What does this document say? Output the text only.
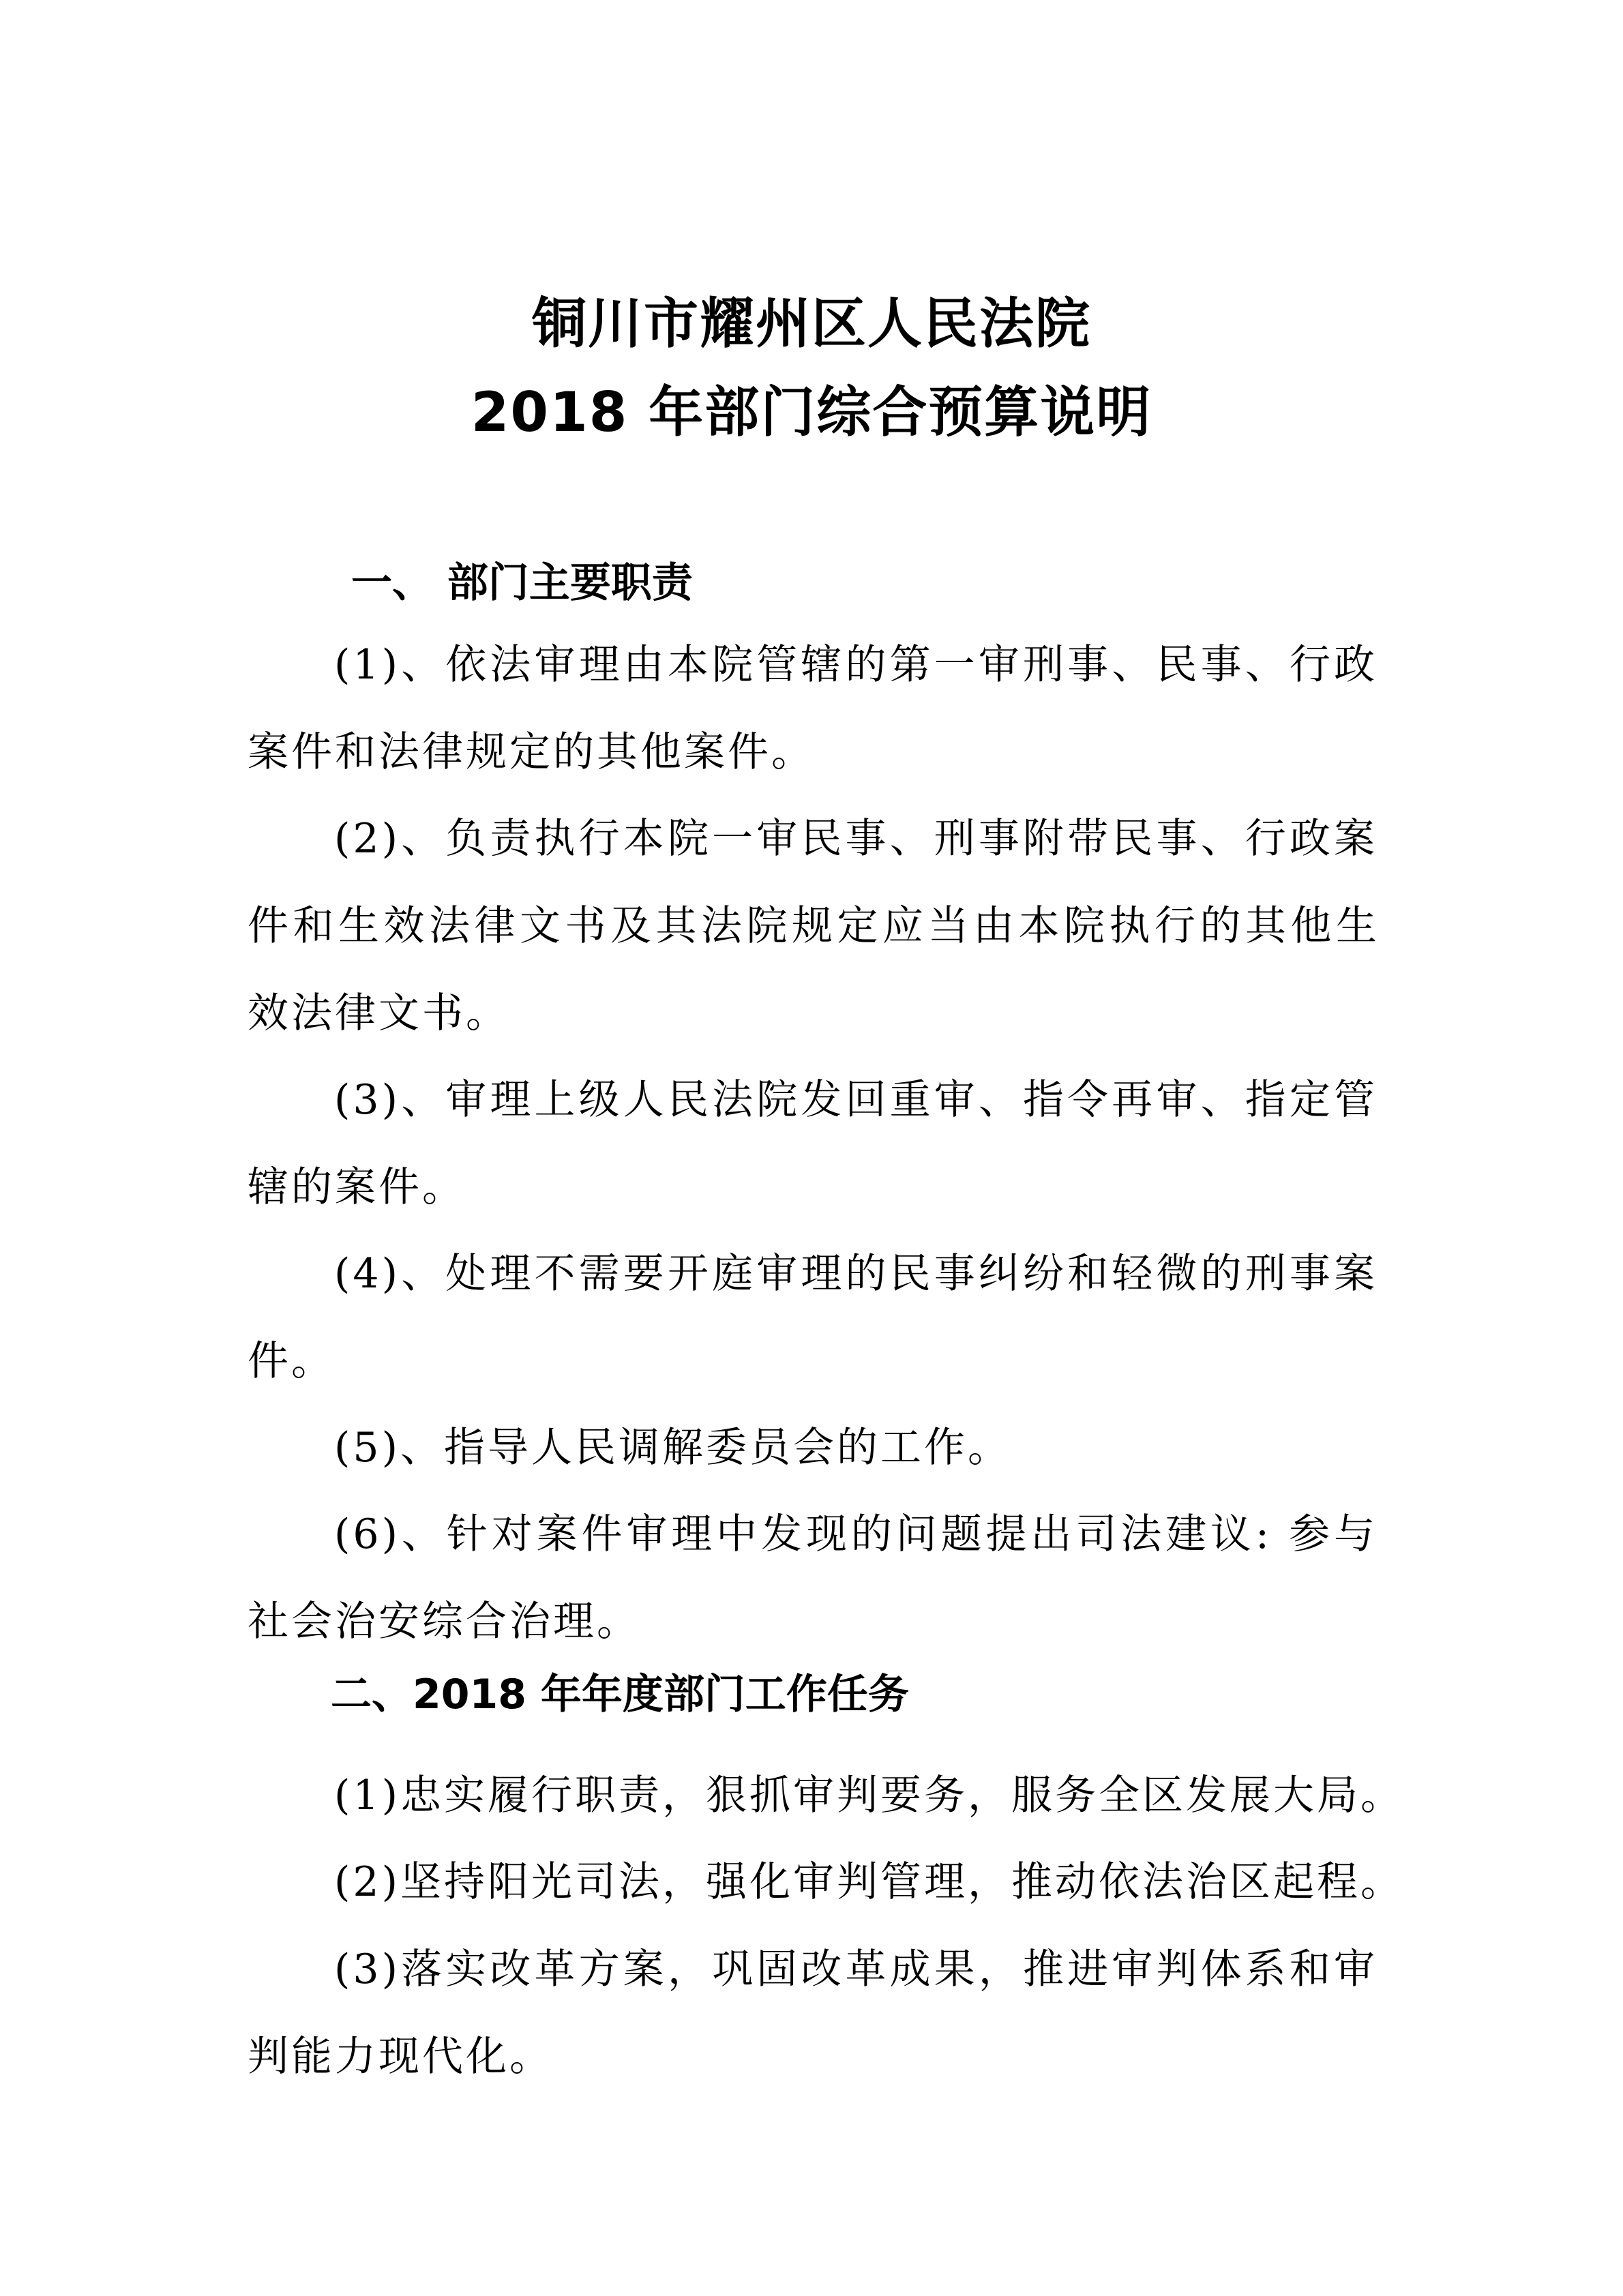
铜川市耀州区人民法院
2018 年部门综合预算说明
一、 部门主要职责

(1)、依法审理由本院管辖的第一审刑事、民事、行政

案件和法律规定的其他案件。

(2)、负责执行本院一审民事、刑事附带民事、行政案

件和生效法律文书及其法院规定应当由本院执行的其他生

效法律文书。

(3)、审理上级人民法院发回重审、指令再审、指定管

辖的案件。

(4)、处理不需要开庭审理的民事纠纷和轻微的刑事案

件。

(5)、指导人民调解委员会的工作。

(6)、针对案件审理中发现的问题提出司法建议: 参与

社会治安综合治理。

二、2018 年年度部门工作任务

(1)忠实履行职责，狠抓审判要务，服务全区发展大局。

(2)坚持阳光司法，强化审判管理，推动依法治区起程。

(3)落实改革方案，巩固改革成果，推进审判体系和审

判能力现代化。
